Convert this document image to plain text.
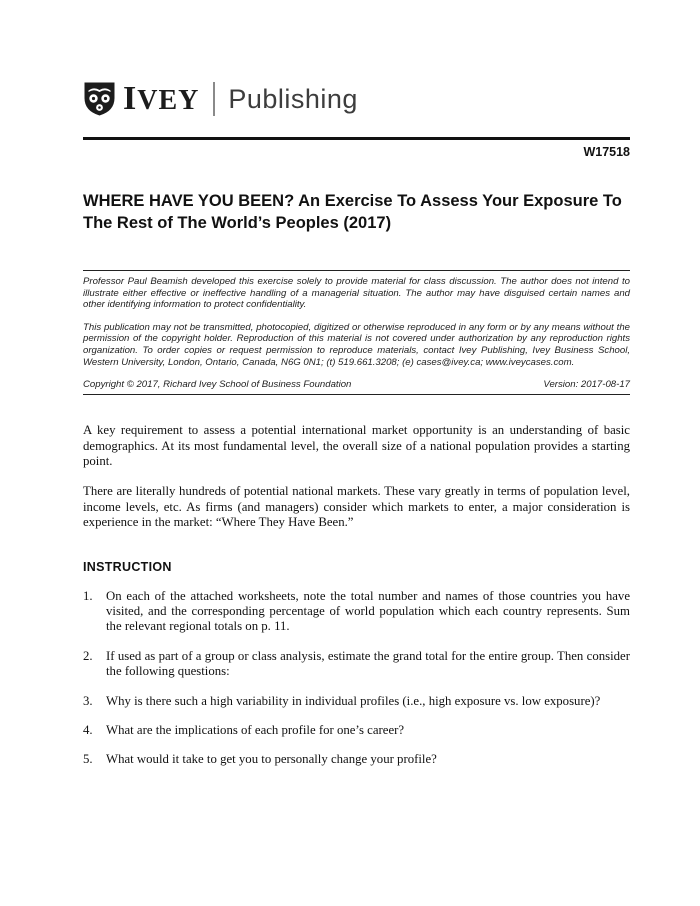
IVEY Publishing
W17518
WHERE HAVE YOU BEEN? An Exercise To Assess Your Exposure To The Rest of The World’s Peoples (2017)

Professor Paul Beamish developed this exercise solely to provide material for class discussion. The author does not intend to illustrate either effective or ineffective handling of a managerial situation. The author may have disguised certain names and other identifying information to protect confidentiality.

This publication may not be transmitted, photocopied, digitized or otherwise reproduced in any form or by any means without the permission of the copyright holder. Reproduction of this material is not covered under authorization by any reproduction rights organization. To order copies or request permission to reproduce materials, contact Ivey Publishing, Ivey Business School, Western University, London, Ontario, Canada, N6G 0N1; (t) 519.661.3208; (e) cases@ivey.ca; www.iveycases.com.

Copyright © 2017, Richard Ivey School of Business Foundation	Version: 2017-08-17

A key requirement to assess a potential international market opportunity is an understanding of basic demographics. At its most fundamental level, the overall size of a national population provides a starting point.

There are literally hundreds of potential national markets. These vary greatly in terms of population level, income levels, etc. As firms (and managers) consider which markets to enter, a major consideration is experience in the market: “Where They Have Been.”

INSTRUCTION
1.	On each of the attached worksheets, note the total number and names of those countries you have visited, and the corresponding percentage of world population which each country represents. Sum the relevant regional totals on p. 11.
2.	If used as part of a group or class analysis, estimate the grand total for the entire group. Then consider the following questions:
3.	Why is there such a high variability in individual profiles (i.e., high exposure vs. low exposure)?
4.	What are the implications of each profile for one’s career?
5.	What would it take to get you to personally change your profile?
